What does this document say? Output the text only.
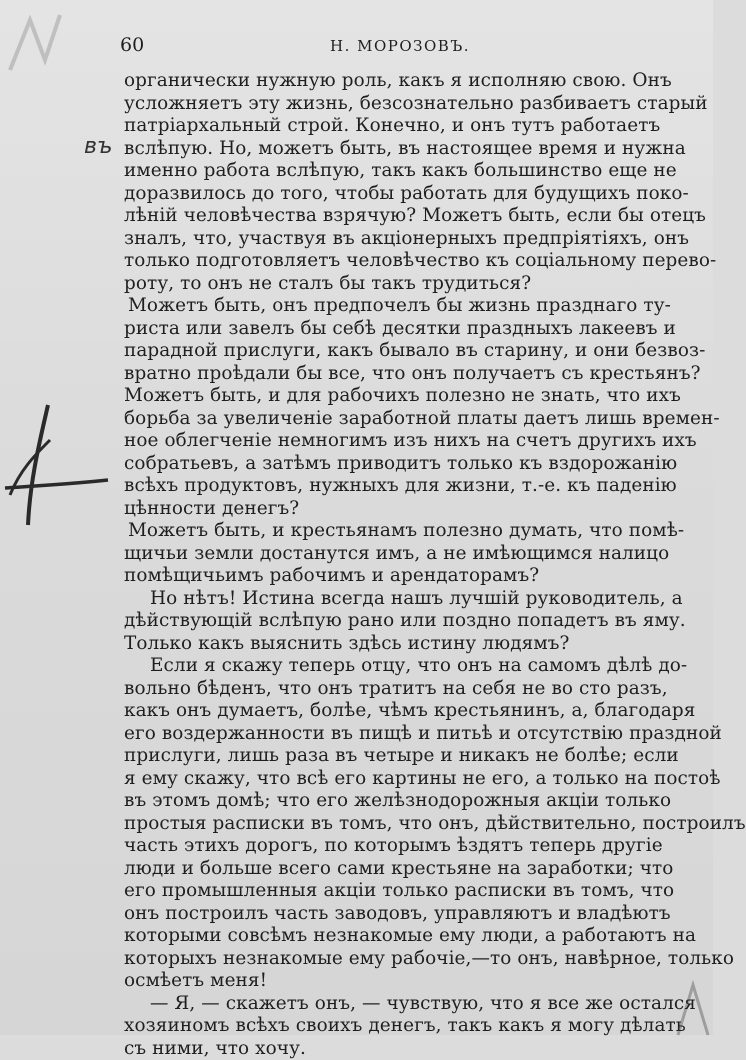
60	Н. МОРОЗОВЪ.
въ
органически нужную роль, какъ я исполняю свою. Онъ
усложняетъ эту жизнь, безсознательно разбиваетъ старый
патріархальный строй. Конечно, и онъ тутъ работаетъ
вслѣпую. Но, можетъ быть, въ настоящее время и нужна
именно работа вслѣпую, такъ какъ большинство еще не
доразвилось до того, чтобы работать для будущихъ поко-
лѣній человѣчества взрячую? Можетъ быть, если бы отецъ
зналъ, что, участвуя въ акціонерныхъ предпріятіяхъ, онъ
только подготовляетъ человѣчество къ соціальному перево-
роту, то онъ не сталъ бы такъ трудиться?
Можетъ быть, онъ предпочелъ бы жизнь празднаго ту-
риста или завелъ бы себѣ десятки праздныхъ лакеевъ и
парадной прислуги, какъ бывало въ старину, и они безвоз-
вратно проѣдали бы все, что онъ получаетъ съ крестьянъ?
Можетъ быть, и для рабочихъ полезно не знать, что ихъ
борьба за увеличеніе заработной платы даетъ лишь времен-
ное облегченіе немногимъ изъ нихъ на счетъ другихъ ихъ
собратьевъ, а затѣмъ приводитъ только къ вздорожанію
всѣхъ продуктовъ, нужныхъ для жизни, т.-е. къ паденію
цѣнности денегъ?
Можетъ быть, и крестьянамъ полезно думать, что помѣ-
щичьи земли достанутся имъ, а не имѣющимся налицо
помѣщичьимъ рабочимъ и арендаторамъ?
Но нѣтъ! Истина всегда нашъ лучшій руководитель, а
дѣйствующій вслѣпую рано или поздно попадетъ въ яму.
Только какъ выяснить здѣсь истину людямъ?
Если я скажу теперь отцу, что онъ на самомъ дѣлѣ до-
вольно бѣденъ, что онъ тратитъ на себя не во сто разъ,
какъ онъ думаетъ, болѣе, чѣмъ крестьянинъ, а, благодаря
его воздержанности въ пищѣ и питьѣ и отсутствію праздной
прислуги, лишь раза въ четыре и никакъ не болѣе; если
я ему скажу, что всѣ его картины не его, а только на постоѣ
въ этомъ домѣ; что его желѣзнодорожныя акціи только
простыя расписки въ томъ, что онъ, дѣйствительно, построилъ
часть этихъ дорогъ, по которымъ ѣздятъ теперь другіе
люди и больше всего сами крестьяне на заработки; что
его промышленныя акціи только расписки въ томъ, что
онъ построилъ часть заводовъ, управляютъ и владѣютъ
которыми совсѣмъ незнакомые ему люди, а работаютъ на
которыхъ незнакомые ему рабочіе,—то онъ, навѣрное, только
осмѣетъ меня!
— Я, — скажетъ онъ, — чувствую, что я все же остался
хозяиномъ всѣхъ своихъ денегъ, такъ какъ я могу дѣлать
съ ними, что хочу.
